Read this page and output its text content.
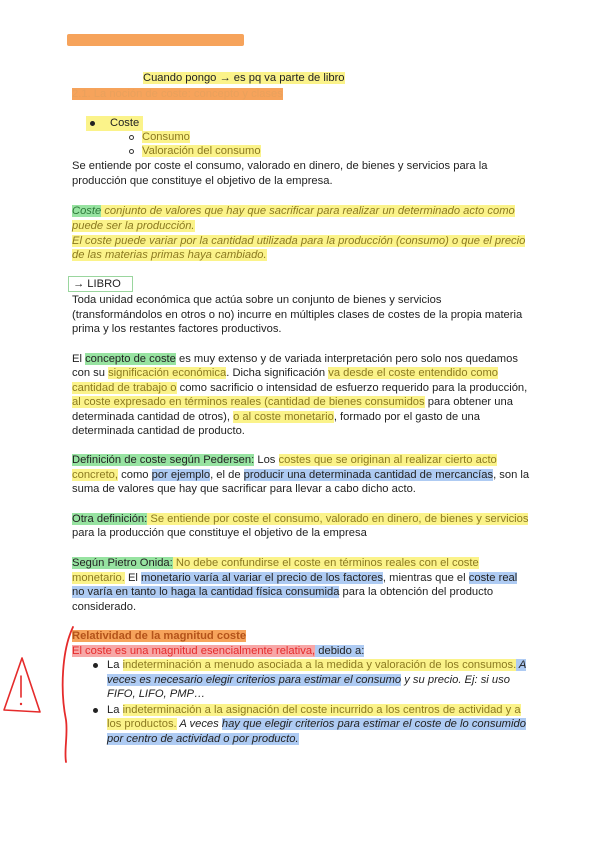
Cuando pongo → es pq va parte de libro
2.1. La noción de coste: concepto y clases
Coste
Consumo
Valoración del consumo
Se entiende por coste el consumo, valorado en dinero, de bienes y servicios para la
producción que constituye el objetivo de la empresa.
Coste conjunto de valores que hay que sacrificar para realizar un determinado acto como
puede ser la producción.
El coste puede variar por la cantidad utilizada para la producción (consumo) o que el precio
de las materias primas haya cambiado.
→ LIBRO
Toda unidad económica que actúa sobre un conjunto de bienes y servicios
(transformándolos en otros o no) incurre en múltiples clases de costes de la propia materia
prima y los restantes factores productivos.
El concepto de coste es muy extenso y de variada interpretación pero solo nos quedamos
con su significación económica. Dicha significación va desde el coste entendido como
cantidad de trabajo o como sacrificio o intensidad de esfuerzo requerido para la producción,
al coste expresado en términos reales (cantidad de bienes consumidos para obtener una
determinada cantidad de otros), o al coste monetario, formado por el gasto de una
determinada cantidad de producto.
Definición de coste según Pedersen: Los costes que se originan al realizar cierto acto
concreto, como por ejemplo, el de producir una determinada cantidad de mercancías, son la
suma de valores que hay que sacrificar para llevar a cabo dicho acto.
Otra definición: Se entiende por coste el consumo, valorado en dinero, de bienes y servicios
para la producción que constituye el objetivo de la empresa
Según Pietro Onida: No debe confundirse el coste en términos reales con el coste
monetario. El monetario varía al variar el precio de los factores, mientras que el coste real
no varía en tanto lo haga la cantidad física consumida para la obtención del producto
considerado.
Relatividad de la magnitud coste
El coste es una magnitud esencialmente relativa, debido a:
La indeterminación a menudo asociada a la medida y valoración de los consumos. A
veces es necesario elegir criterios para estimar el consumo y su precio. Ej: si uso
FIFO, LIFO, PMP…
La indeterminación a la asignación del coste incurrido a los centros de actividad y a
los productos. A veces hay que elegir criterios para estimar el coste de lo consumido
por centro de actividad o por producto.
